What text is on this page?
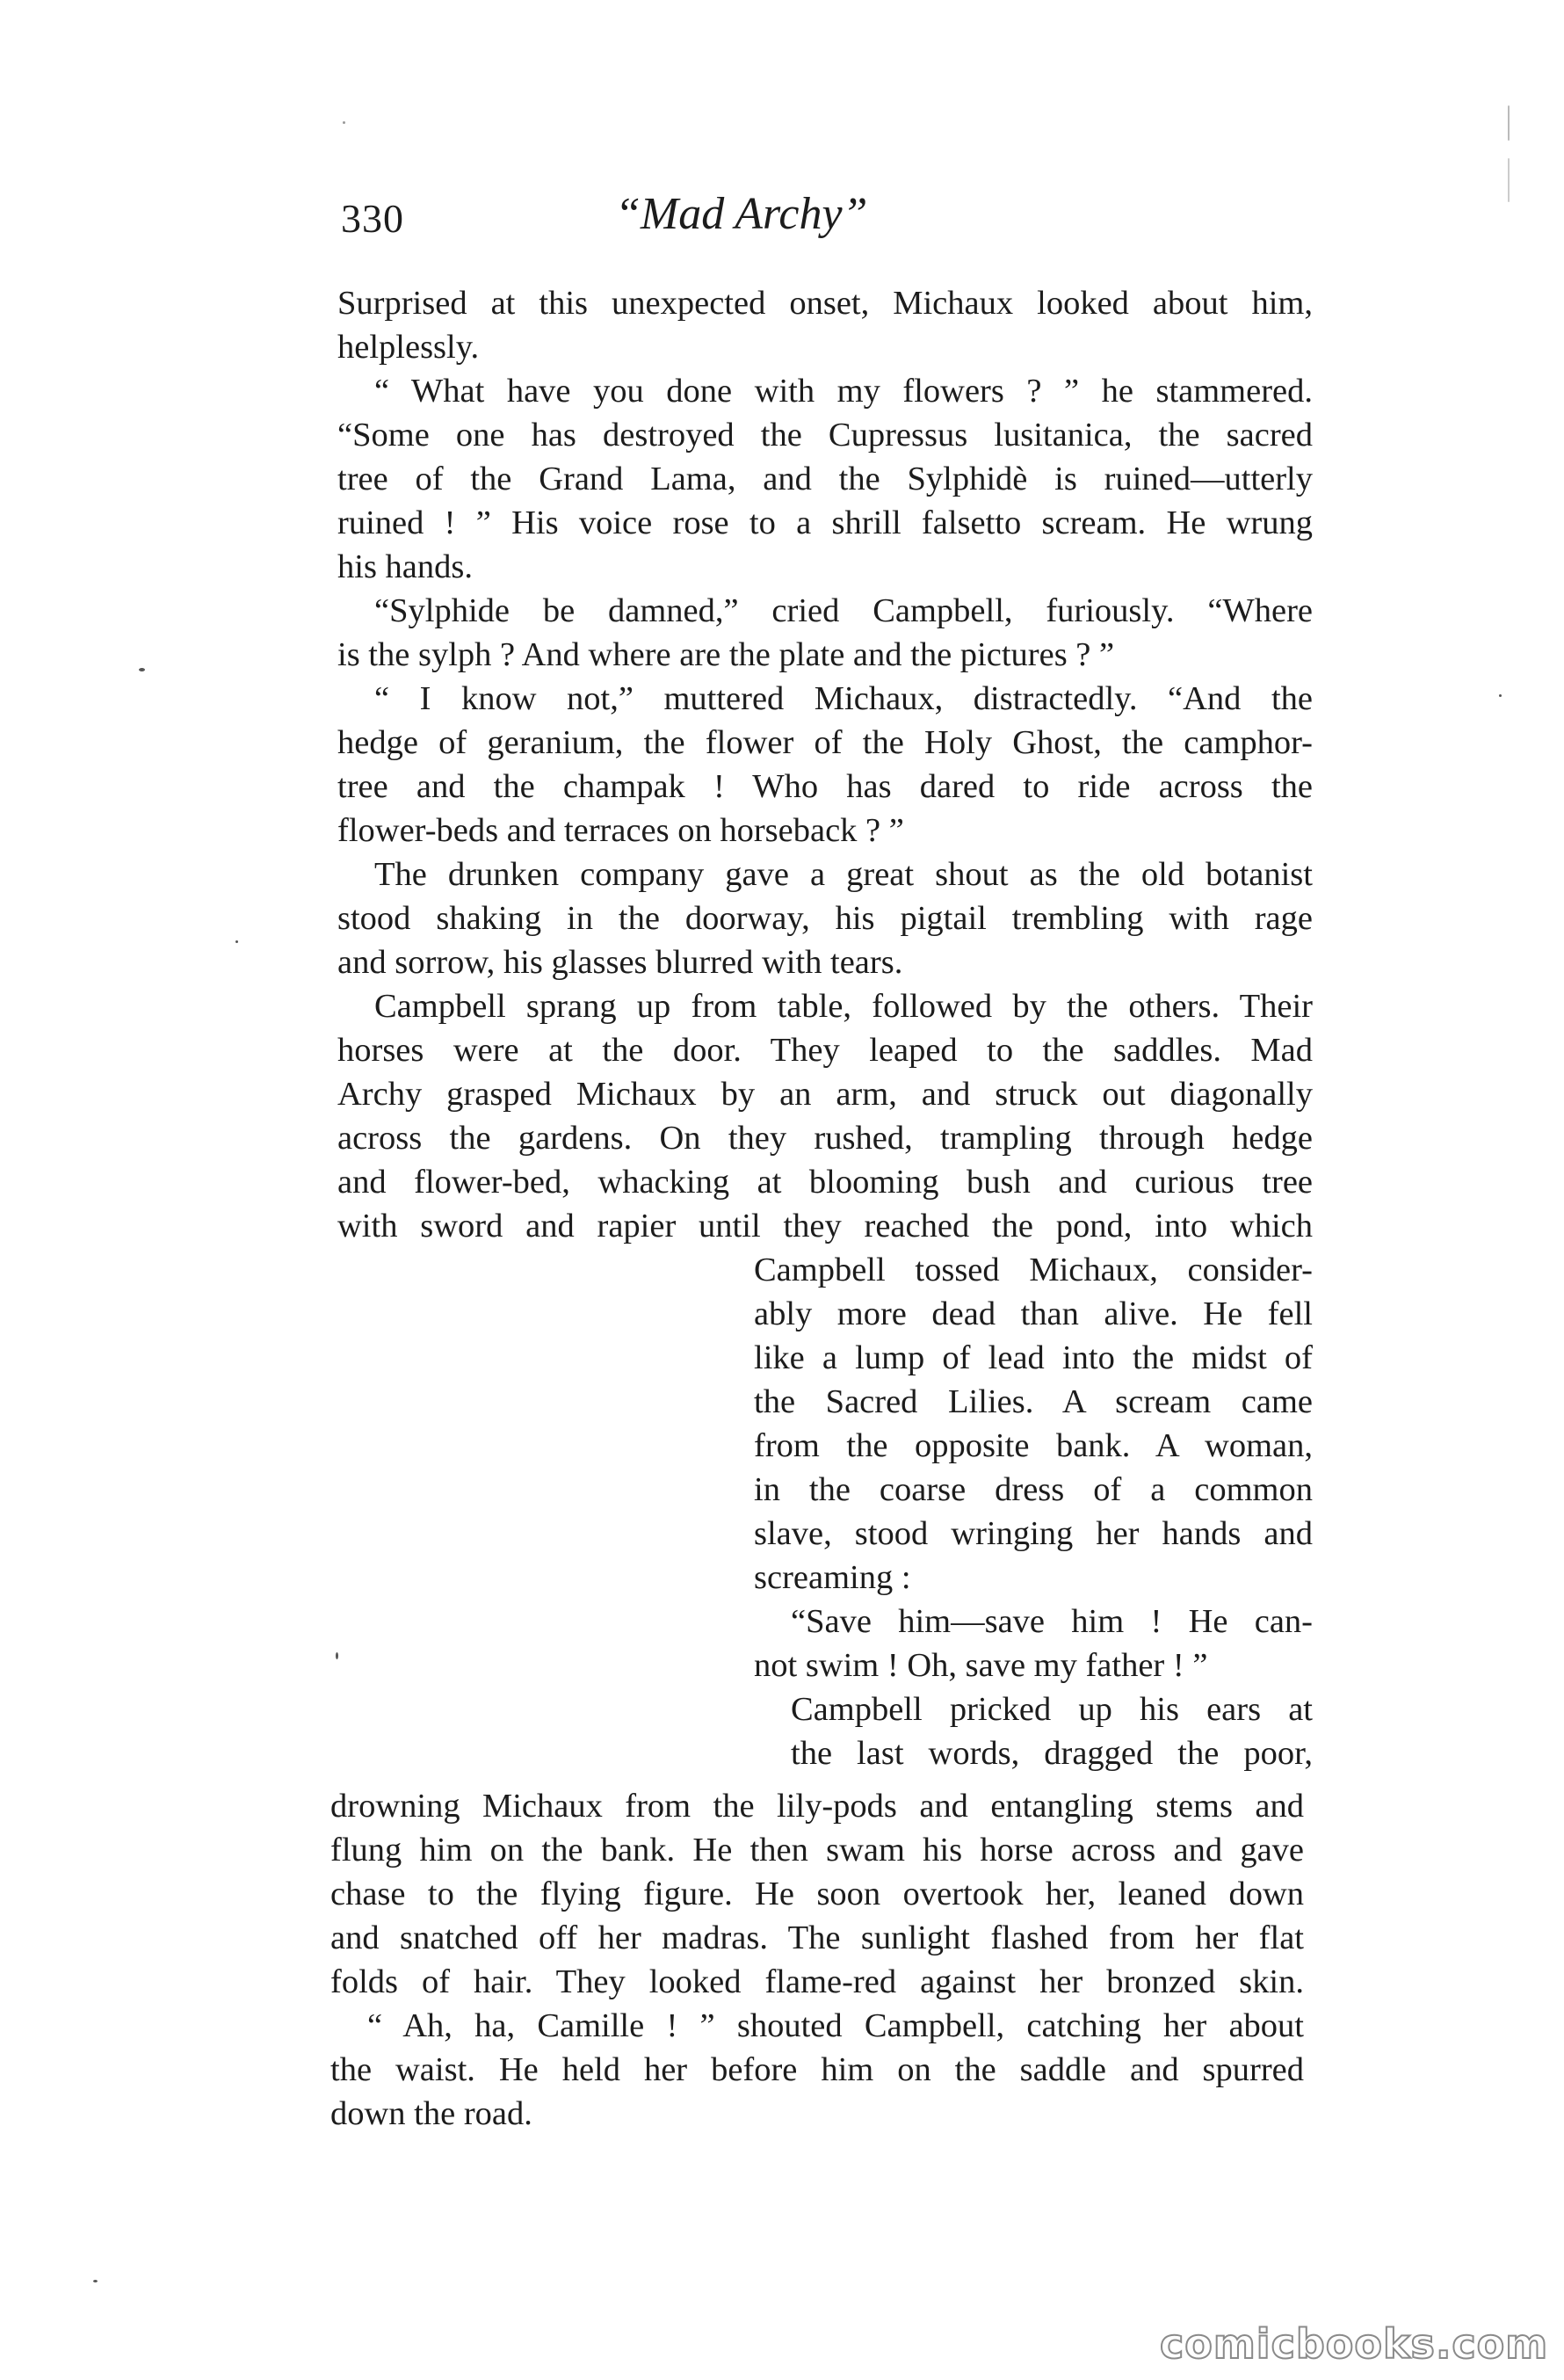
330	“Mad Archy”
Surprised at this unexpected onset, Michaux looked about him,
helplessly.
“ What have you done with my flowers ? ” he stammered.
“Some one has destroyed the Cupressus lusitanica, the sacred
tree of the Grand Lama, and the Sylphidè is ruined—utterly
ruined ! ” His voice rose to a shrill falsetto scream. He wrung
his hands.
“Sylphide be damned,” cried Campbell, furiously. “Where
is the sylph ? And where are the plate and the pictures ? ”
“ I know not,” muttered Michaux, distractedly. “And the
hedge of geranium, the flower of the Holy Ghost, the camphor-
tree and the champak ! Who has dared to ride across the
flower-beds and terraces on horseback ? ”
The drunken company gave a great shout as the old botanist
stood shaking in the doorway, his pigtail trembling with rage
and sorrow, his glasses blurred with tears.
Campbell sprang up from table, followed by the others. Their
horses were at the door. They leaped to the saddles. Mad
Archy grasped Michaux by an arm, and struck out diagonally
across the gardens. On they rushed, trampling through hedge
and flower-bed, whacking at blooming bush and curious tree
with sword and rapier until they reached the pond, into which
Campbell tossed Michaux, consider-
ably more dead than alive. He fell
like a lump of lead into the midst of
the Sacred Lilies. A scream came
from the opposite bank. A woman,
in the coarse dress of a common
slave, stood wringing her hands and
screaming :
“Save him—save him ! He can-
not swim ! Oh, save my father ! ”
Campbell pricked up his ears at
the last words, dragged the poor,
drowning Michaux from the lily-pods and entangling stems and
flung him on the bank. He then swam his horse across and gave
chase to the flying figure. He soon overtook her, leaned down
and snatched off her madras. The sunlight flashed from her flat
folds of hair. They looked flame-red against her bronzed skin.
“ Ah, ha, Camille ! ” shouted Campbell, catching her about
the waist. He held her before him on the saddle and spurred
down the road.
comicbooks.com
